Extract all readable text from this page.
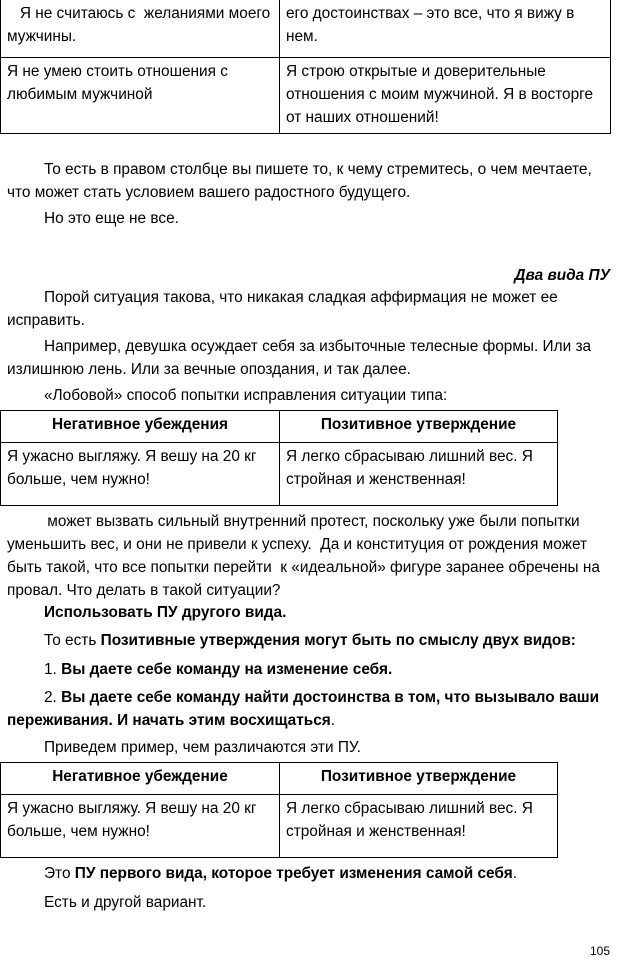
Я не считаюсь с  желаниями моего мужчины.	его достоинствах – это все, что я вижу в нем.
Я не умею стоить отношения с любимым мужчиной	Я строю открытые и доверительные отношения с моим мужчиной. Я в восторге от наших отношений!

То есть в правом столбце вы пишете то, к чему стремитесь, о чем мечтаете, что может стать условием вашего радостного будущего.

Но это еще не все.

Два вида ПУ

Порой ситуация такова, что никакая сладкая аффирмация не может ее исправить.

Например, девушка осуждает себя за избыточные телесные формы. Или за излишнюю лень. Или за вечные опоздания, и так далее.

«Лобовой» способ попытки исправления ситуации типа:

Негативное убеждения	Позитивное утверждение
Я ужасно выгляжу. Я вешу на 20 кг больше, чем нужно!	Я легко сбрасываю лишний вес. Я стройная и женственная!

может вызвать сильный внутренний протест, поскольку уже были попытки уменьшить вес, и они не привели к успеху.  Да и конституция от рождения может быть такой, что все попытки перейти  к «идеальной» фигуре заранее обречены на провал. Что делать в такой ситуации?

Использовать ПУ другого вида.

То есть Позитивные утверждения могут быть по смыслу двух видов:

1. Вы даете себе команду на изменение себя.

2. Вы даете себе команду найти достоинства в том, что вызывало ваши переживания. И начать этим восхищаться.

Приведем пример, чем различаются эти ПУ.

Негативное убеждение	Позитивное утверждение
Я ужасно выгляжу. Я вешу на 20 кг больше, чем нужно!	Я легко сбрасываю лишний вес. Я стройная и женственная!

Это ПУ первого вида, которое требует изменения самой себя.

Есть и другой вариант.

105
